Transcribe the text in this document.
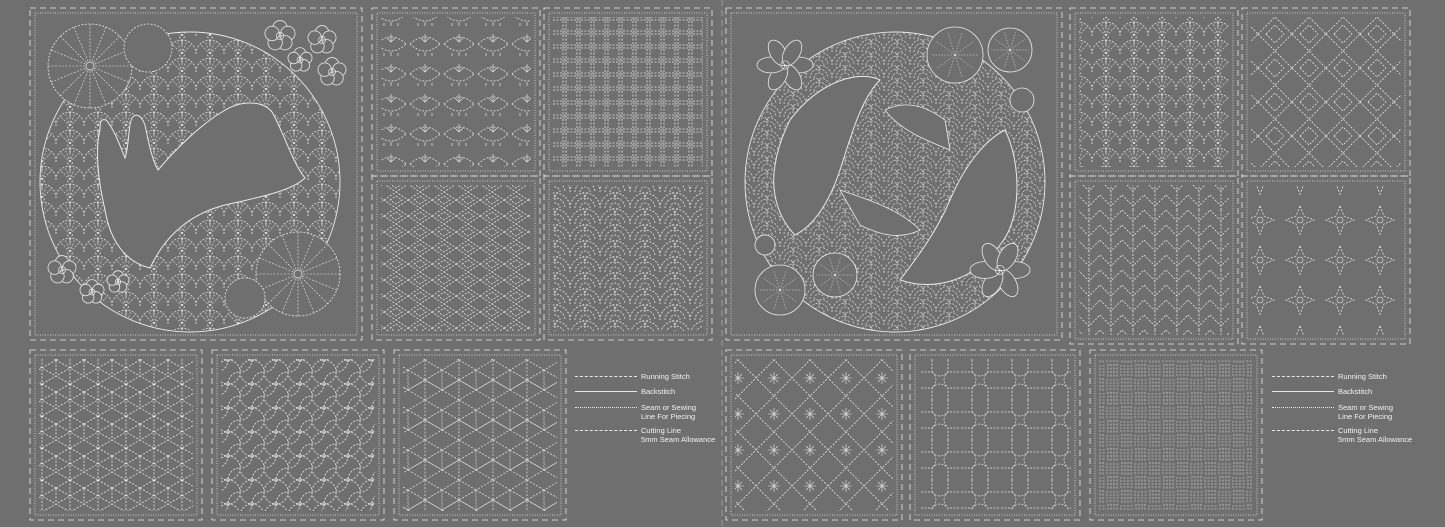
Running Stitch
Backstitch
Seam or Sewing
Line For Piecing
Cutting Line
5mm Seam Allowance
Running Stitch
Backstitch
Seam or Sewing
Line For Piecing
Cutting Line
5mm Seam Allowance
